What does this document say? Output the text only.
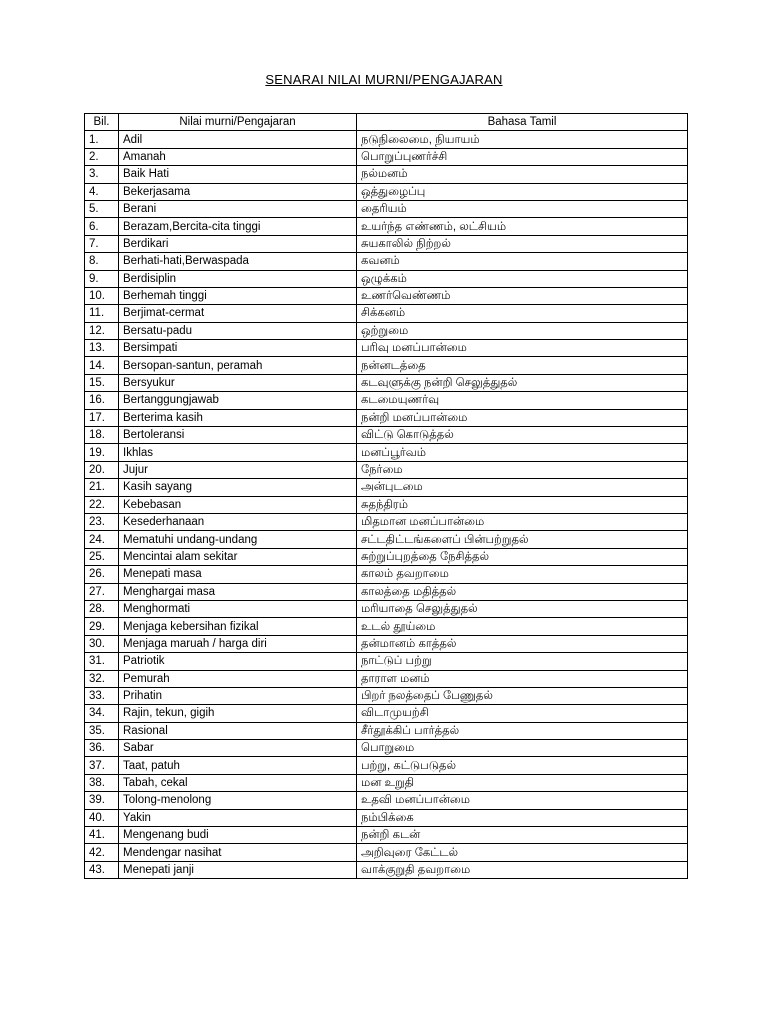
SENARAI NILAI MURNI/PENGAJARAN
Bil.	Nilai murni/Pengajaran	Bahasa Tamil
1.	Adil	நடுநிலைமை, நியாயம்
2.	Amanah	பொறுப்புணர்ச்சி
3.	Baik Hati	நல்மனம்
4.	Bekerjasama	ஒத்துழைப்பு
5.	Berani	தைரியம்
6.	Berazam,Bercita-cita tinggi	உயர்ந்த எண்ணம், லட்சியம்
7.	Berdikari	சுயகாலில் நிற்றல்
8.	Berhati-hati,Berwaspada	கவனம்
9.	Berdisiplin	ஒழுக்கம்
10.	Berhemah tinggi	உணர்வெண்ணம்
11.	Berjimat-cermat	சிக்கனம்
12.	Bersatu-padu	ஒற்றுமை
13.	Bersimpati	பரிவு மனப்பான்மை
14.	Bersopan-santun, peramah	நன்னடத்தை
15.	Bersyukur	கடவுளுக்கு நன்றி செலுத்துதல்
16.	Bertanggungjawab	கடமையுணர்வு
17.	Berterima kasih	நன்றி மனப்பான்மை
18.	Bertoleransi	விட்டு கொடுத்தல்
19.	Ikhlas	மனப்பூர்வம்
20.	Jujur	நேர்மை
21.	Kasih sayang	அன்புடமை
22.	Kebebasan	சுதந்திரம்
23.	Kesederhanaan	மிதமான மனப்பான்மை
24.	Mematuhi undang-undang	சட்டதிட்டங்களைப் பின்பற்றுதல்
25.	Mencintai alam sekitar	சுற்றுப்புறத்தை நேசித்தல்
26.	Menepati masa	காலம் தவறாமை
27.	Menghargai masa	காலத்தை மதித்தல்
28.	Menghormati	மரியாதை செலுத்துதல்
29.	Menjaga kebersihan fizikal	உடல் தூய்மை
30.	Menjaga maruah / harga diri	தன்மானம் காத்தல்
31.	Patriotik	நாட்டுப் பற்று
32.	Pemurah	தாராள மனம்
33.	Prihatin	பிறர் நலத்தைப் பேணுதல்
34.	Rajin, tekun, gigih	விடாமுயற்சி
35.	Rasional	சீர்தூக்கிப் பார்த்தல்
36.	Sabar	பொறுமை
37.	Taat, patuh	பற்று, கட்டுபடுதல்
38.	Tabah, cekal	மன உறுதி
39.	Tolong-menolong	உதவி மனப்பான்மை
40.	Yakin	நம்பிக்கை
41.	Mengenang budi	நன்றி கடன்
42.	Mendengar nasihat	அறிவுரை கேட்டல்
43.	Menepati janji	வாக்குறுதி தவறாமை
